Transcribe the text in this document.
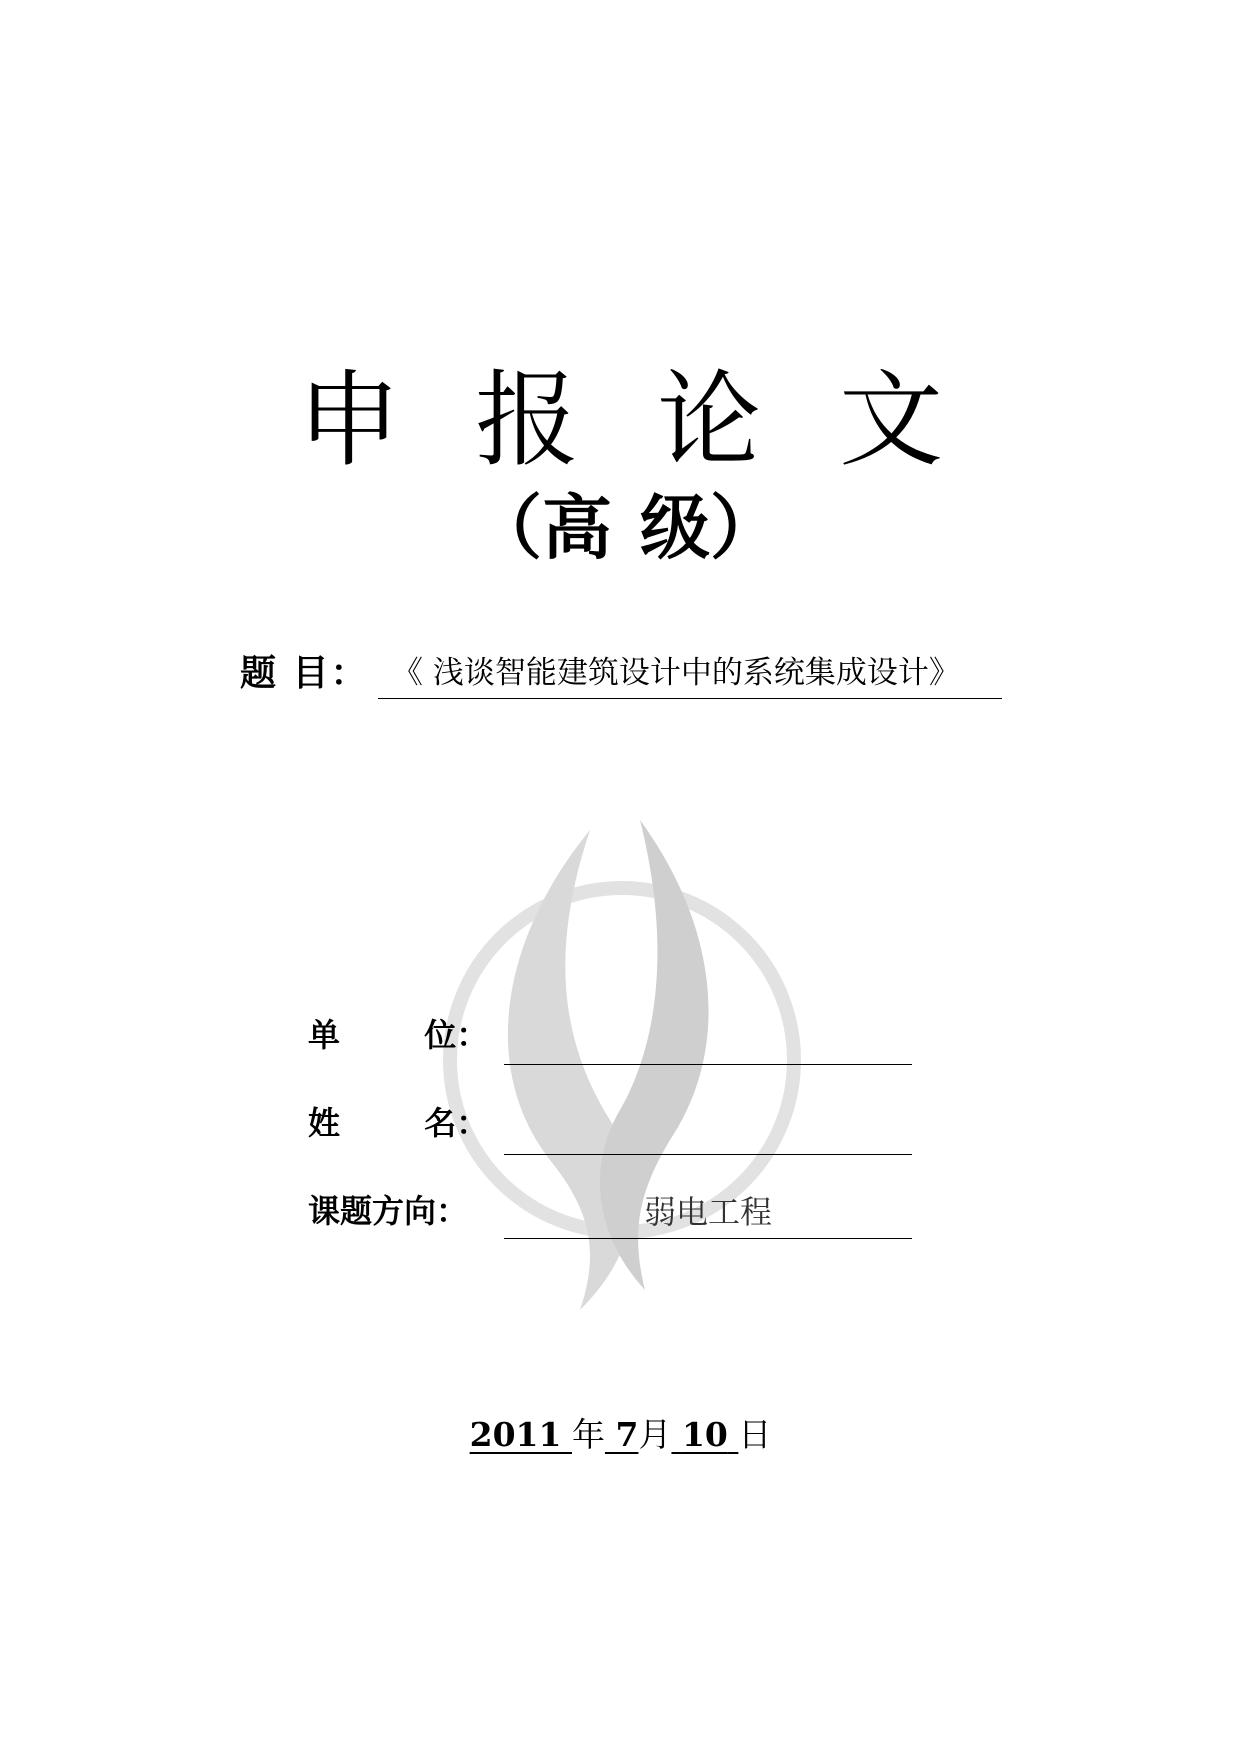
申 报 论 文
（高 级）
题 目： 《 浅谈智能建筑设计中的系统集成设计》
单	位：
姓	名：
课题方向：	弱电工程
2011 年 7月 10 日
